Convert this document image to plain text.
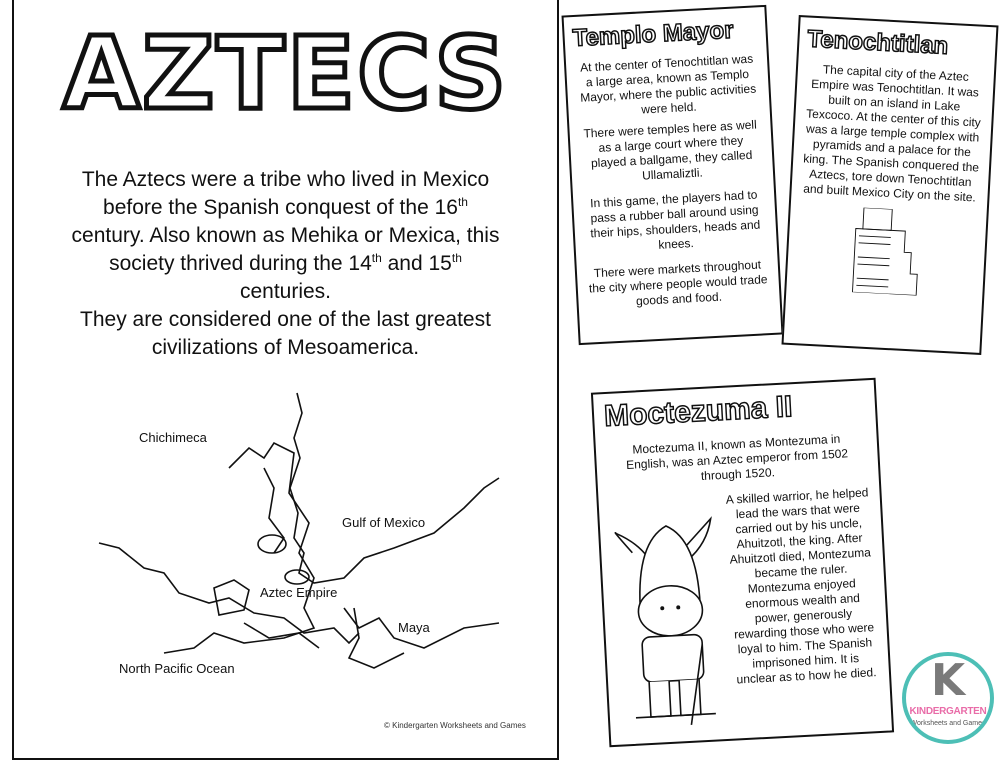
AZTECS
The Aztecs were a tribe who lived in Mexico
before the Spanish conquest of the 16th
century. Also known as Mehika or Mexica, this
society thrived during the 14th and 15th
centuries.
They are considered one of the last greatest
civilizations of Mesoamerica.
Chichimeca
Gulf of Mexico
Aztec Empire
Maya
North Pacific Ocean
© Kindergarten Worksheets and Games
Templo Mayor
At the center of Tenochtitlan was a large area, known as Templo Mayor, where the public activities were held.
There were temples here as well as a large court where they played a ballgame, they called Ullamaliztli.
In this game, the players had to pass a rubber ball around using their hips, shoulders, heads and knees.
There were markets throughout the city where people would trade goods and food.
Tenochtitlan
The capital city of the Aztec Empire was Tenochtitlan. It was built on an island in Lake Texcoco. At the center of this city was a large temple complex with pyramids and a palace for the king. The Spanish conquered the Aztecs, tore down Tenochtitlan and built Mexico City on the site.
Moctezuma II
Moctezuma II, known as Montezuma in English, was an Aztec emperor from 1502 through 1520.
A skilled warrior, he helped lead the wars that were carried out by his uncle, Ahuitzotl, the king. After Ahuitzotl died, Montezuma became the ruler. Montezuma enjoyed enormous wealth and power, generously rewarding those who were loyal to him. The Spanish imprisoned him. It is unclear as to how he died.	K
KINDERGARTEN
Worksheets and Games
